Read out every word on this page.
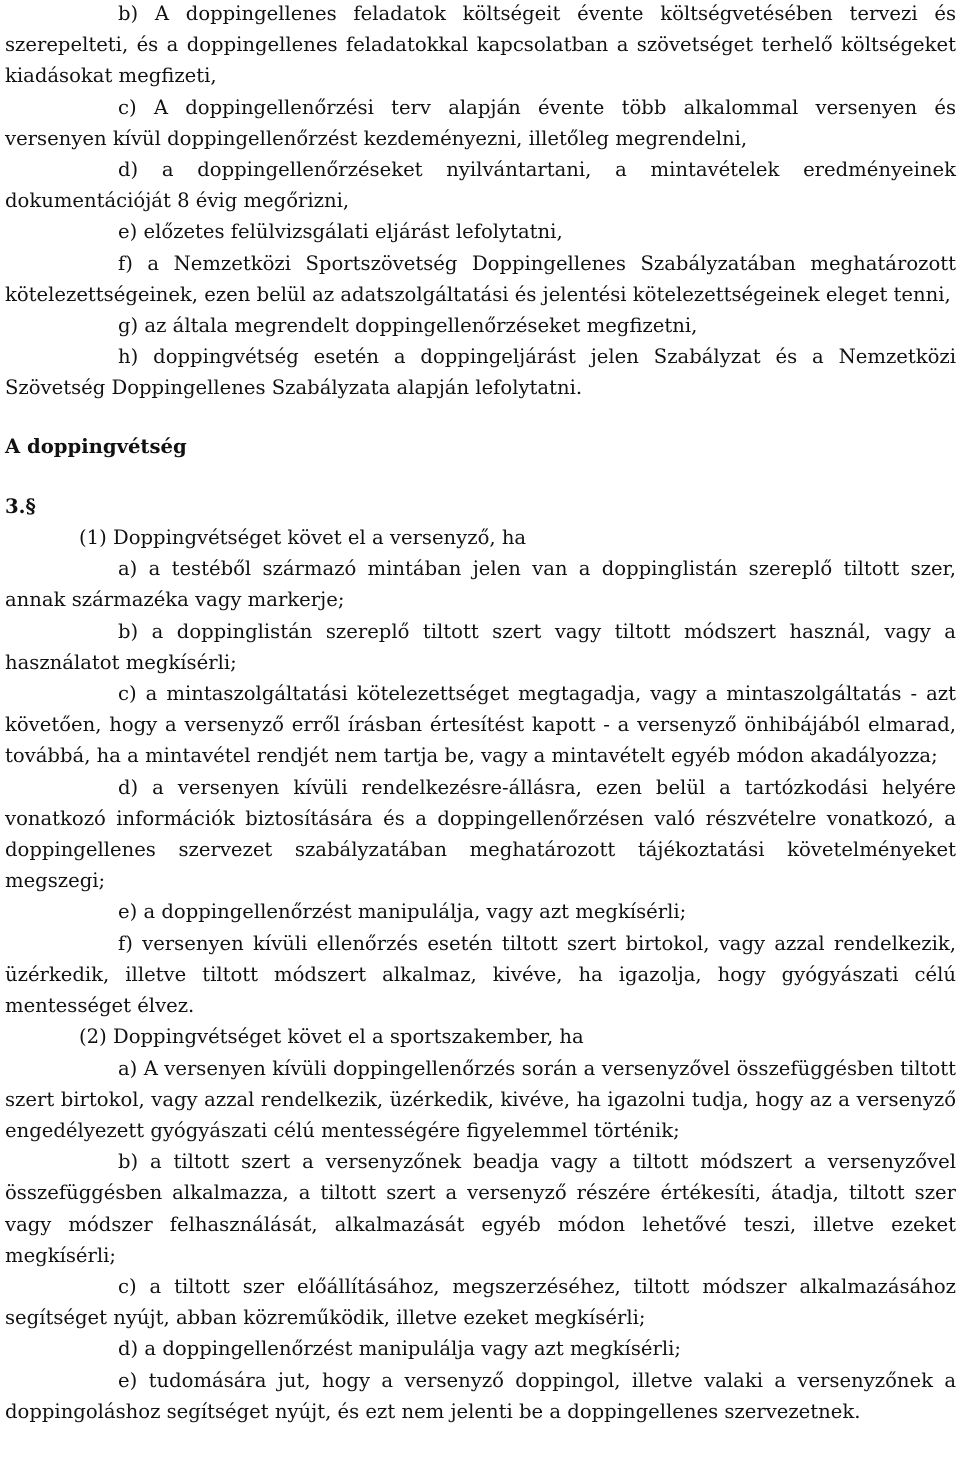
b) A doppingellenes feladatok költségeit évente költségvetésében tervezi és szerepelteti, és a doppingellenes feladatokkal kapcsolatban a szövetséget terhelő költségeket kiadásokat megfizeti,

c) A doppingellenőrzési terv alapján évente több alkalommal versenyen és versenyen kívül doppingellenőrzést kezdeményezni, illetőleg megrendelni,

d) a doppingellenőrzéseket nyilvántartani, a mintavételek eredményeinek dokumentációját 8 évig megőrizni,

e) előzetes felülvizsgálati eljárást lefolytatni,

f) a Nemzetközi Sportszövetség Doppingellenes Szabályzatában meghatározott kötelezettségeinek, ezen belül az adatszolgáltatási és jelentési kötelezettségeinek eleget tenni,

g) az általa megrendelt doppingellenőrzéseket megfizetni,

h) doppingvétség esetén a doppingeljárást jelen Szabályzat és a Nemzetközi Szövetség Doppingellenes Szabályzata alapján lefolytatni.

A doppingvétség

3.§

(1) Doppingvétséget követ el a versenyző, ha

a) a testéből származó mintában jelen van a doppinglistán szereplő tiltott szer, annak származéka vagy markerje;

b) a doppinglistán szereplő tiltott szert vagy tiltott módszert használ, vagy a használatot megkísérli;

c) a mintaszolgáltatási kötelezettséget megtagadja, vagy a mintaszolgáltatás - azt követően, hogy a versenyző erről írásban értesítést kapott - a versenyző önhibájából elmarad, továbbá, ha a mintavétel rendjét nem tartja be, vagy a mintavételt egyéb módon akadályozza;

d) a versenyen kívüli rendelkezésre-állásra, ezen belül a tartózkodási helyére vonatkozó információk biztosítására és a doppingellenőrzésen való részvételre vonatkozó, a doppingellenes szervezet szabályzatában meghatározott tájékoztatási követelményeket megszegi;

e) a doppingellenőrzést manipulálja, vagy azt megkísérli;

f) versenyen kívüli ellenőrzés esetén tiltott szert birtokol, vagy azzal rendelkezik, üzérkedik, illetve tiltott módszert alkalmaz, kivéve, ha igazolja, hogy gyógyászati célú mentességet élvez.

(2) Doppingvétséget követ el a sportszakember, ha

a) A versenyen kívüli doppingellenőrzés során a versenyzővel összefüggésben tiltott szert birtokol, vagy azzal rendelkezik, üzérkedik, kivéve, ha igazolni tudja, hogy az a versenyző engedélyezett gyógyászati célú mentességére figyelemmel történik;

b) a tiltott szert a versenyzőnek beadja vagy a tiltott módszert a versenyzővel összefüggésben alkalmazza, a tiltott szert a versenyző részére értékesíti, átadja, tiltott szer vagy módszer felhasználását, alkalmazását egyéb módon lehetővé teszi, illetve ezeket megkísérli;

c) a tiltott szer előállításához, megszerzéséhez, tiltott módszer alkalmazásához segítséget nyújt, abban közreműködik, illetve ezeket megkísérli;

d) a doppingellenőrzést manipulálja vagy azt megkísérli;

e) tudomására jut, hogy a versenyző doppingol, illetve valaki a versenyzőnek a doppingoláshoz segítséget nyújt, és ezt nem jelenti be a doppingellenes szervezetnek.
